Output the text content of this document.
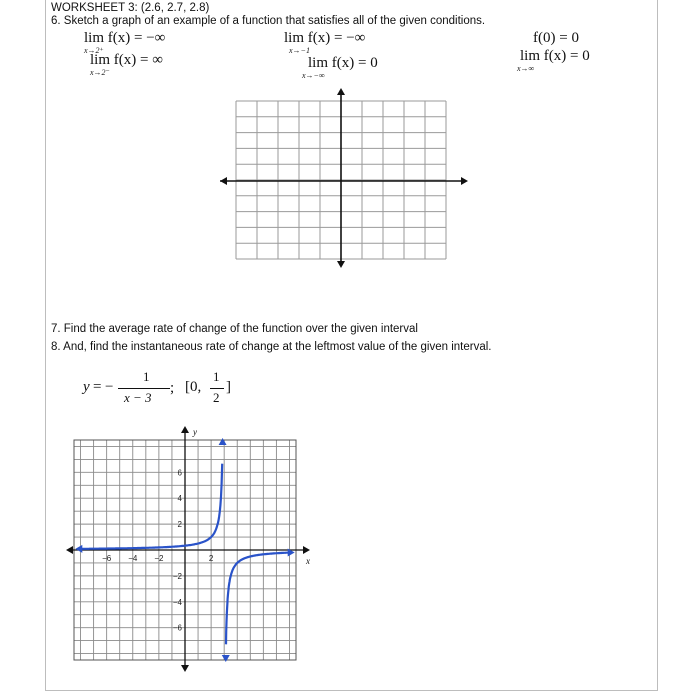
WORKSHEET 3: (2.6, 2.7, 2.8)
6. Sketch a graph of an example of a function that satisfies all of the given conditions.
lim f(x) = −∞
x→2⁺
lim f(x) = ∞
x→2⁻
lim f(x) = −∞
x→−1
lim f(x) = 0
x→−∞
f(0) = 0
lim f(x) = 0
x→∞
7. Find the average rate of change of the function over the given interval
8. And, find the instantaneous rate of change at the leftmost value of the given interval.
y = −
1
x − 3
; [0,
1
2
]
y
x
−6 −4 −2	2
6
4
2
−2
−4
−6
